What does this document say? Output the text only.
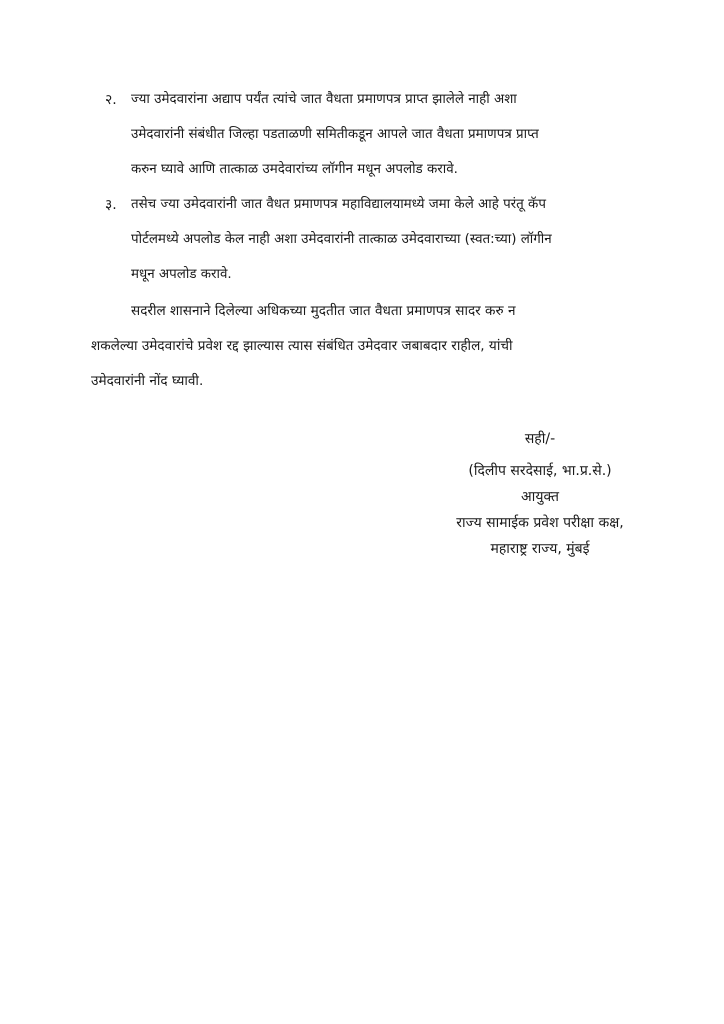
२. ज्या उमेदवारांना अद्याप पर्यंत त्यांचे जात वैधता प्रमाणपत्र प्राप्त झालेले नाही अशा
उमेदवारांनी संबंधीत जिल्हा पडताळणी समितीकडून आपले जात वैधता प्रमाणपत्र प्राप्त
करुन घ्यावे आणि तात्काळ उमदेवारांच्य लॉगीन मधून अपलोड करावे.
३. तसेच ज्या उमेदवारांनी जात वैधत प्रमाणपत्र महाविद्यालयामध्ये जमा केले आहे परंतू कॅप
पोर्टलमध्ये अपलोड केल नाही अशा उमेदवारांनी तात्काळ उमेदवाराच्या (स्वत:च्या) लॉगीन
मधून अपलोड करावे.
सदरील शासनाने दिलेल्या अधिकच्या मुदतीत जात वैधता प्रमाणपत्र सादर करु न
शकलेल्या उमेदवारांचे प्रवेश रद्द झाल्यास त्यास संबंधित उमेदवार जबाबदार राहील, यांची
उमेदवारांनी नोंद घ्यावी.
सही/-
(दिलीप सरदेसाई, भा.प्र.से.)
आयुक्त
राज्य सामाईक प्रवेश परीक्षा कक्ष,
महाराष्ट्र राज्य, मुंबई
